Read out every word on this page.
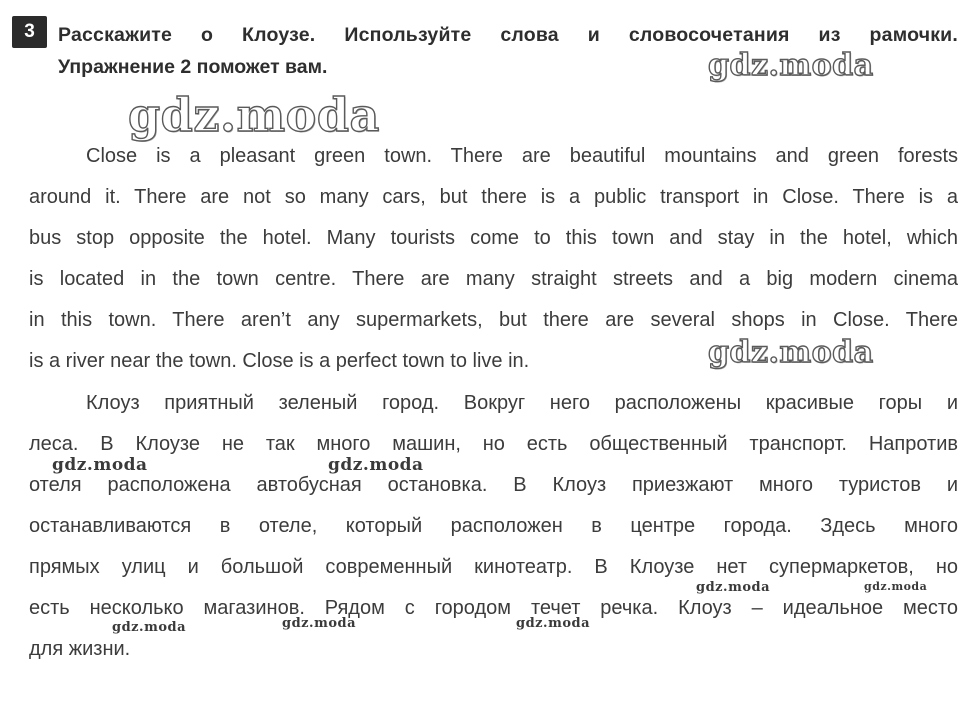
3	Расскажите о Клоузе. Используйте слова и словосочетания из рамочки.
Упражнение 2 поможет вам.
Close is a pleasant green town. There are beautiful mountains and green forests
around it. There are not so many cars, but there is a public transport in Close. There is a
bus stop opposite the hotel. Many tourists come to this town and stay in the hotel, which
is located in the town centre. There are many straight streets and a big modern cinema
in this town. There aren’t any supermarkets, but there are several shops in Close. There
is a river near the town. Close is a perfect town to live in.
Клоуз приятный зеленый город. Вокруг него расположены красивые горы и
леса. В Клоузе не так много машин, но есть общественный транспорт. Напротив
отеля расположена автобусная остановка. В Клоуз приезжают много туристов и
останавливаются в отеле, который расположен в центре города. Здесь много
прямых улиц и большой современный кинотеатр. В Клоузе нет супермаркетов, но
есть несколько магазинов. Рядом с городом течет речка. Клоуз – идеальное место
для жизни.
gdz.moda
gdz.moda
gdz.moda
gdz.moda	gdz.moda
gdz.moda	gdz.moda
gdz.moda	gdz.moda	gdz.moda
